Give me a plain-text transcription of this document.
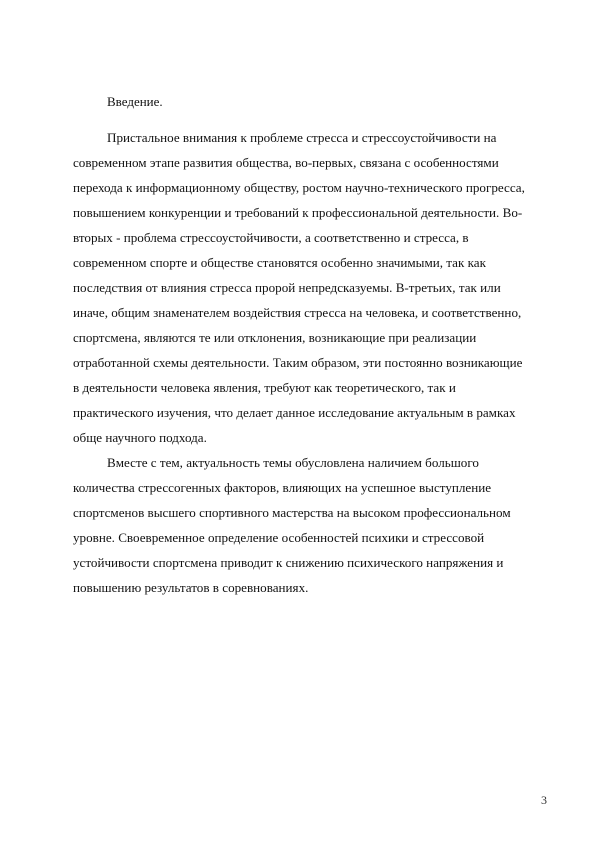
Введение.
Пристальное внимания к проблеме стресса и стрессоустойчивости на
современном этапе развития общества, во-первых, связана с особенностями
перехода к информационному обществу, ростом научно-технического прогресса,
повышением конкуренции и требований к профессиональной деятельности. Во-
вторых - проблема стрессоустойчивости, а соответственно и стресса, в
современном спорте и обществе становятся особенно значимыми, так как
последствия от влияния стресса пророй непредсказуемы. В-третьих, так или
иначе, общим знаменателем воздействия стресса на человека, и соответственно,
спортсмена, являются те или отклонения, возникающие при реализации
отработанной схемы деятельности. Таким образом, эти постоянно возникающие
в деятельности человека явления, требуют как теоретического, так и
практического изучения, что делает данное исследование актуальным в рамках
обще научного подхода.
Вместе с тем, актуальность темы обусловлена наличием большого
количества стрессогенных факторов, влияющих на успешное выступление
спортсменов высшего спортивного мастерства на высоком профессиональном
уровне. Своевременное определение особенностей психики и стрессовой
устойчивости спортсмена приводит к снижению психического напряжения и
повышению результатов в соревнованиях.
3
